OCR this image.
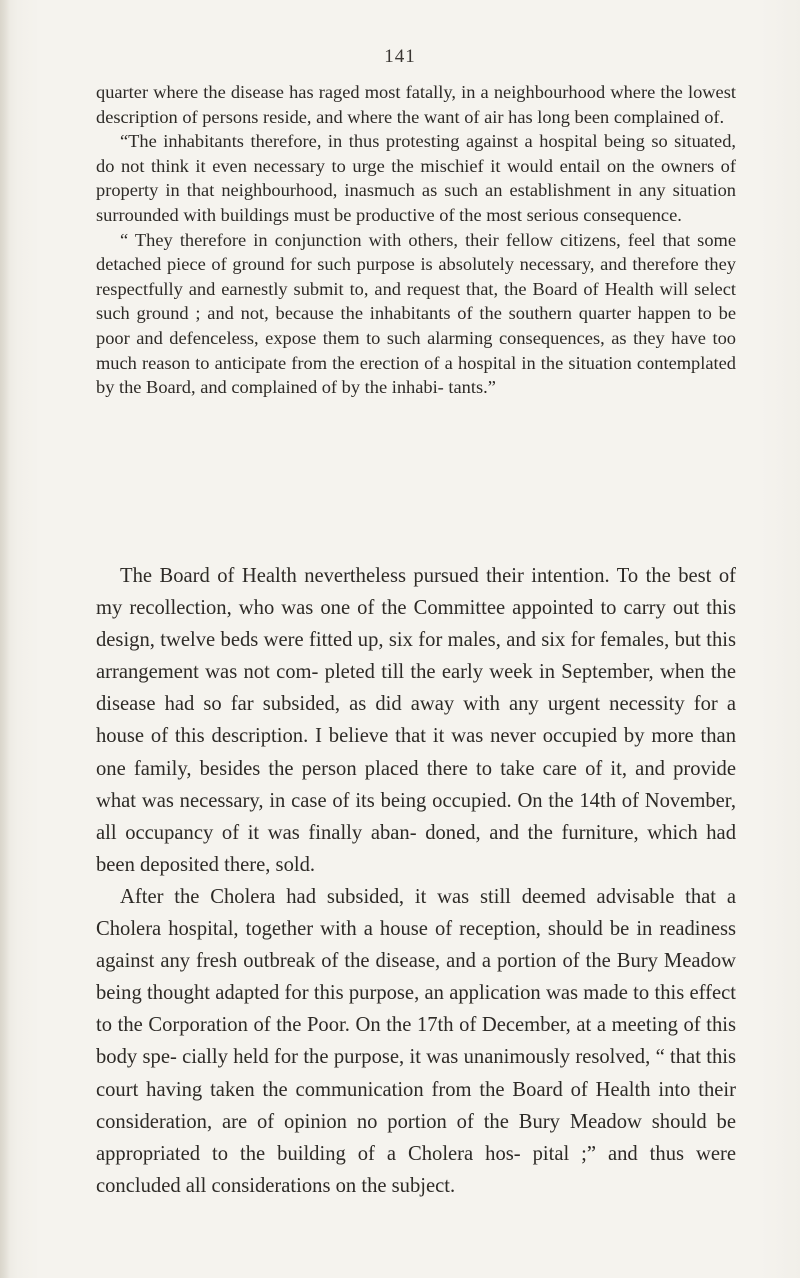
141

quarter where the disease has raged most fatally, in a neighbourhood where the lowest description of persons reside, and where the want of air has long been complained of.

“The inhabitants therefore, in thus protesting against a hospital being so situated, do not think it even necessary to urge the mischief it would entail on the owners of property in that neighbourhood, inasmuch as such an establishment in any situation surrounded with buildings must be productive of the most serious consequence.

“ They therefore in conjunction with others, their fellow citizens, feel that some detached piece of ground for such purpose is absolutely necessary, and therefore they respectfully and earnestly submit to, and request that, the Board of Health will select such ground ; and not, because the inhabitants of the southern quarter happen to be poor and defenceless, expose them to such alarming consequences, as they have too much reason to anticipate from the erection of a hospital in the situation contemplated by the Board, and complained of by the inhabi- tants.”

The Board of Health nevertheless pursued their intention. To the best of my recollection, who was one of the Committee appointed to carry out this design, twelve beds were fitted up, six for males, and six for females, but this arrangement was not com- pleted till the early week in September, when the disease had so far subsided, as did away with any urgent necessity for a house of this description. I believe that it was never occupied by more than one family, besides the person placed there to take care of it, and provide what was necessary, in case of its being occupied. On the 14th of November, all occupancy of it was finally aban- doned, and the furniture, which had been deposited there, sold.

After the Cholera had subsided, it was still deemed advisable that a Cholera hospital, together with a house of reception, should be in readiness against any fresh outbreak of the disease, and a portion of the Bury Meadow being thought adapted for this purpose, an application was made to this effect to the Corporation of the Poor. On the 17th of December, at a meeting of this body spe- cially held for the purpose, it was unanimously resolved, “ that this court having taken the communication from the Board of Health into their consideration, are of opinion no portion of the Bury Meadow should be appropriated to the building of a Cholera hos- pital ;” and thus were concluded all considerations on the subject.
